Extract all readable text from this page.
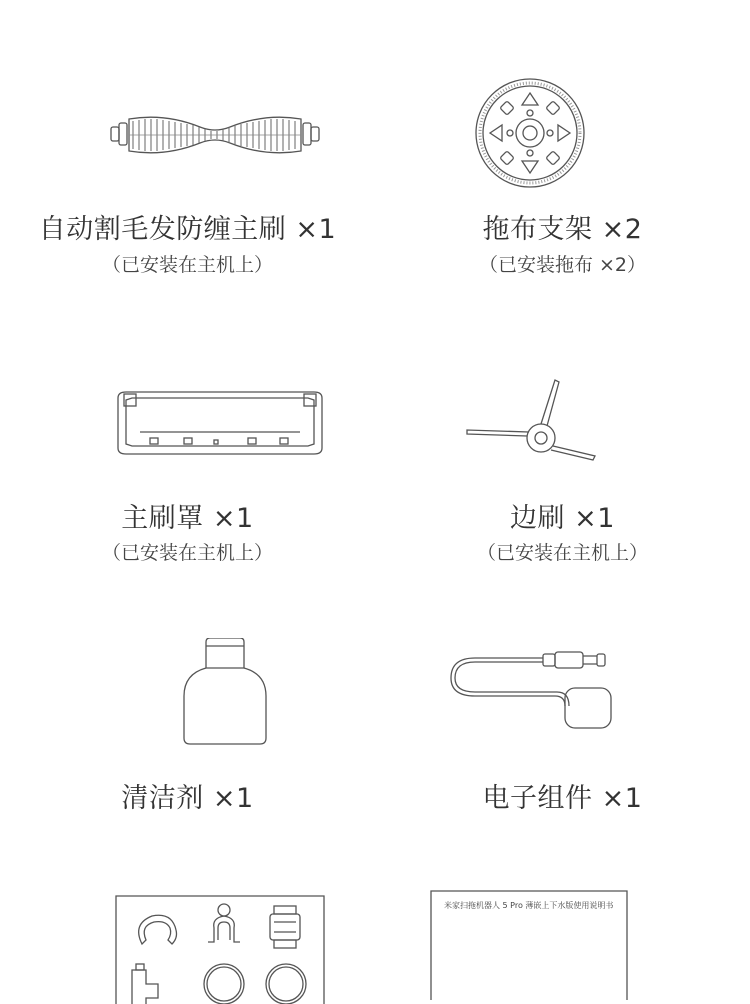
自动割毛发防缠主刷 ×1
（已安装在主机上）
拖布支架 ×2
（已安装拖布 ×2）
主刷罩 ×1
（已安装在主机上）
边刷 ×1
（已安装在主机上）
清洁剂 ×1	电子组件 ×1
米家扫拖机器人 5 Pro 薄嵌上下水版使用说明书
